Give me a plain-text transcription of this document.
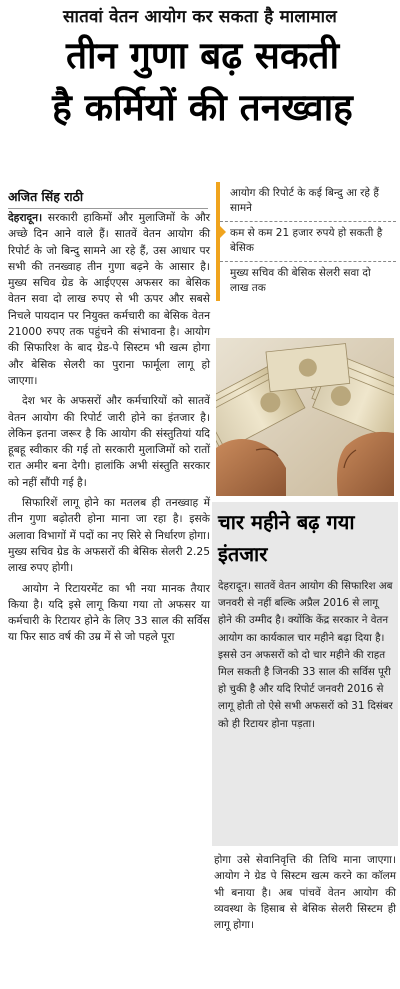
सातवां वेतन आयोग कर सकता है मालामाल
तीन गुणा बढ़ सकती
है कर्मियों की तनख्वाह
अजित सिंह राठी

देहरादून। सरकारी हाकिमों और मुलाजिमों के और अच्छे दिन आने वाले हैं। सातवें वेतन आयोग की रिपोर्ट के जो बिन्दु सामने आ रहे हैं, उस आधार पर सभी की तनख्वाह तीन गुणा बढ़ने के आसार है। मुख्य सचिव ग्रेड के आईएएस अफसर का बेसिक वेतन सवा दो लाख रुपए से भी ऊपर और सबसे निचले पायदान पर नियुक्त कर्मचारी का बेसिक वेतन 21000 रुपए तक पहुंचने की संभावना है। आयोग की सिफारिश के बाद ग्रेड-पे सिस्टम भी खत्म होगा और बेसिक सेलरी का पुराना फार्मूला लागू हो जाएगा।

देश भर के अफसरों और कर्मचारियों को सातवें वेतन आयोग की रिपोर्ट जारी होने का इंतजार है। लेकिन इतना जरूर है कि आयोग की संस्तुतियां यदि हूबहू स्वीकार की गई तो सरकारी मुलाजिमों को रातों रात अमीर बना देगी। हालांकि अभी संस्तुति सरकार को नहीं सौंपी गई है।

सिफारिशें लागू होने का मतलब ही तनख्वाह में तीन गुणा बढ़ोतरी होना माना जा रहा है। इसके अलावा विभागों में पदों का नए सिरे से निर्धारण होगा। मुख्य सचिव ग्रेड के अफसरों की बेसिक सेलरी 2.25 लाख रुपए होगी।

आयोग ने रिटायरमेंट का भी नया मानक तैयार किया है। यदि इसे लागू किया गया तो अफसर या कर्मचारी के रिटायर होने के लिए 33 साल की सर्विस या फिर साठ वर्ष की उम्र में से जो पहले पूरा

आयोग की रिपोर्ट के कई बिन्दु आ रहे हैं सामने
कम से कम 21 हजार रुपये हो सकती है बेसिक
मुख्य सचिव की बेसिक सेलरी सवा दो लाख तक
चार महीने बढ़ गया इंतजार
देहरादून। सातवें वेतन आयोग की सिफारिश अब जनवरी से नहीं बल्कि अप्रैल 2016 से लागू होने की उम्मीद है। क्योंकि केंद्र सरकार ने वेतन आयोग का कार्यकाल चार महीने बढ़ा दिया है। इससे उन अफसरों को दो चार महीने की राहत मिल सकती है जिनकी 33 साल की सर्विस पूरी हो चुकी है और यदि रिपोर्ट जनवरी 2016 से लागू होती तो ऐसे सभी अफसरों को 31 दिसंबर को ही रिटायर होना पड़ता।
होगा उसे सेवानिवृत्ति की तिथि माना जाएगा। आयोग ने ग्रेड पे सिस्टम खत्म करने का कॉलम भी बनाया है। अब पांचवें वेतन आयोग की व्यवस्था के हिसाब से बेसिक सेलरी सिस्टम ही लागू होगा।
